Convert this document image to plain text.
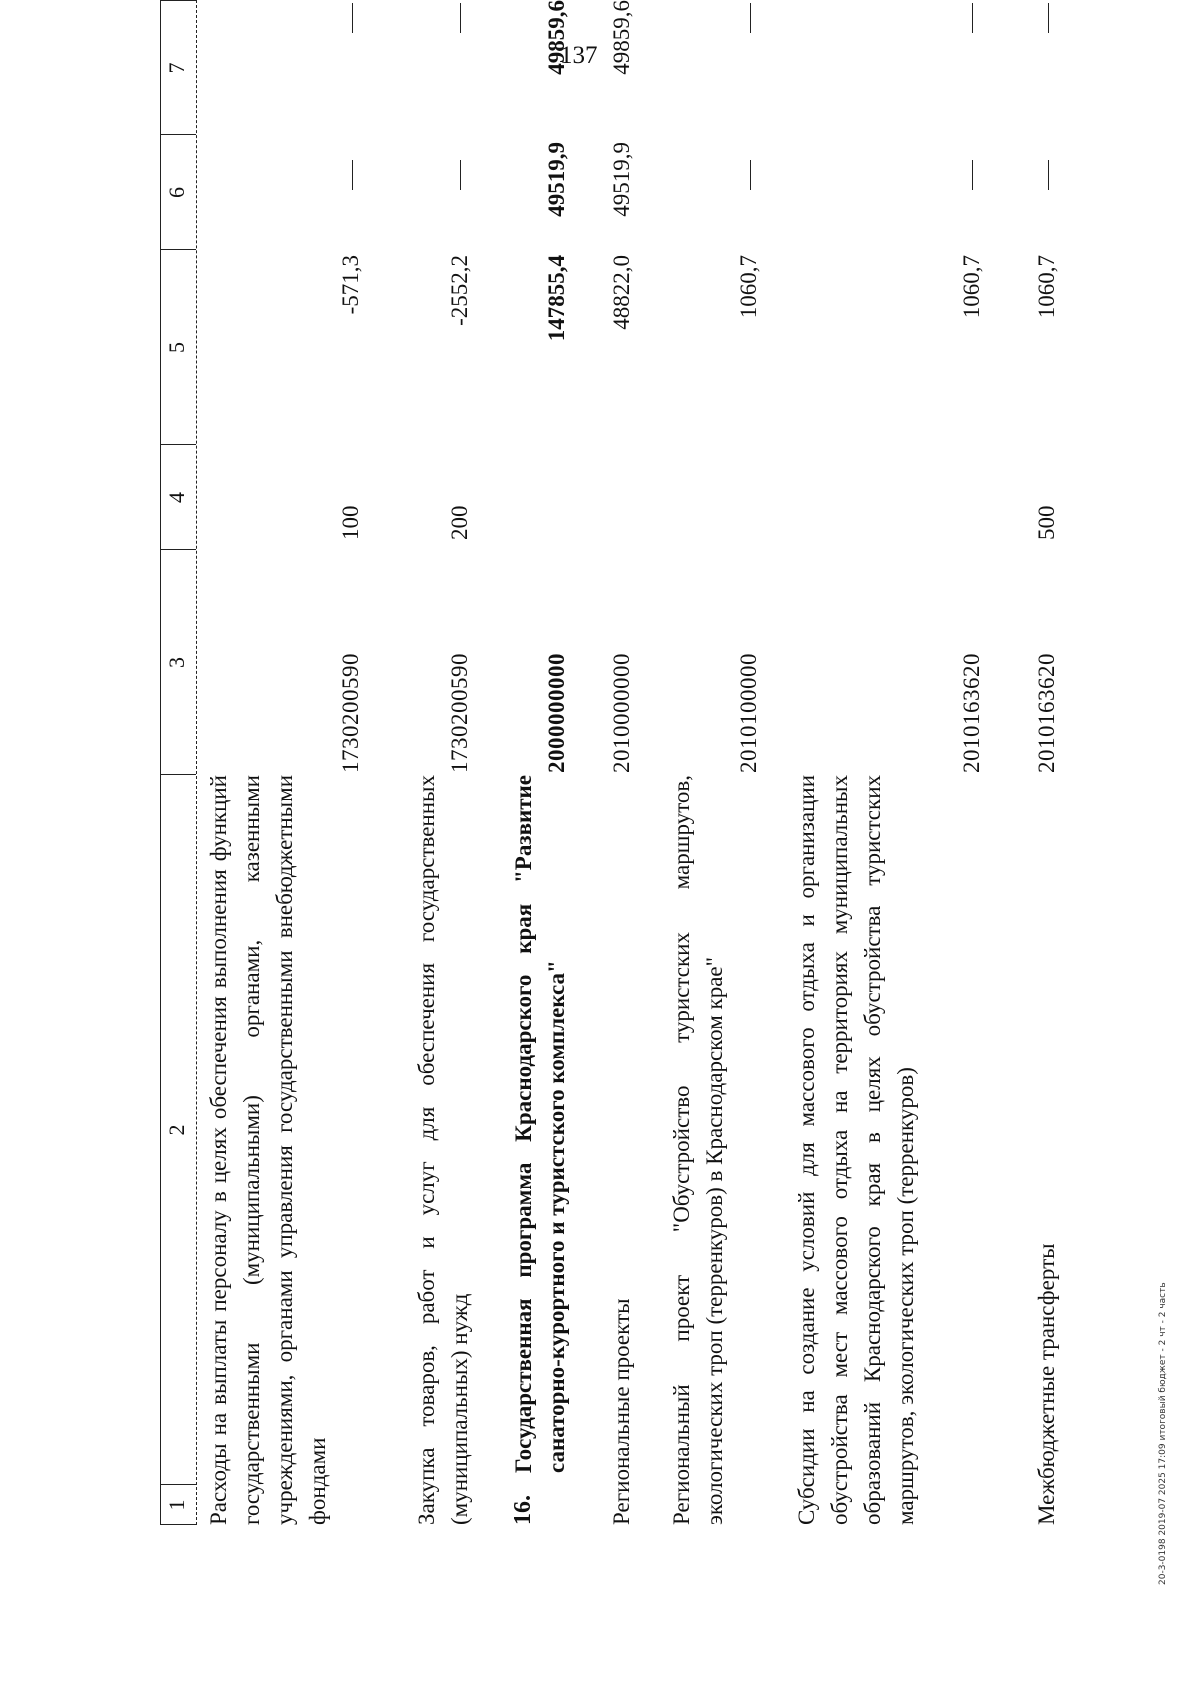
137
1
2
3
4
5
6
7
Расходы на выплаты персоналу в целях обеспечения выполнения функций государственными (муниципальными) органами, казенными учреждениями, органами управления государственными внебюджетными фондами
1730200590
100
-571,3
Закупка товаров, работ и услуг для обеспечения государственных (муниципальных) нужд
1730200590
200
-2552,2
16.
Государственная программа Краснодарского края "Развитие санаторно-курортного и туристского комплекса"
2000000000
147855,4
49519,9
49859,6
Региональные проекты
2010000000
48822,0
49519,9
49859,6
Региональный проект "Обустройство туристских маршрутов, экологических троп (терренкуров) в Краснодарском крае"
2010100000
1060,7
Субсидии на создание условий для массового отдыха и организации обустройства мест массового отдыха на территориях муниципальных образований Краснодарского края в целях обустройства туристских маршрутов, экологических троп (терренкуров)
2010163620
1060,7
Межбюджетные трансферты
2010163620
500
1060,7
20-3-0198 2019-07 2025 17:09 итоговый бюджет - 2 чт - 2 часть
